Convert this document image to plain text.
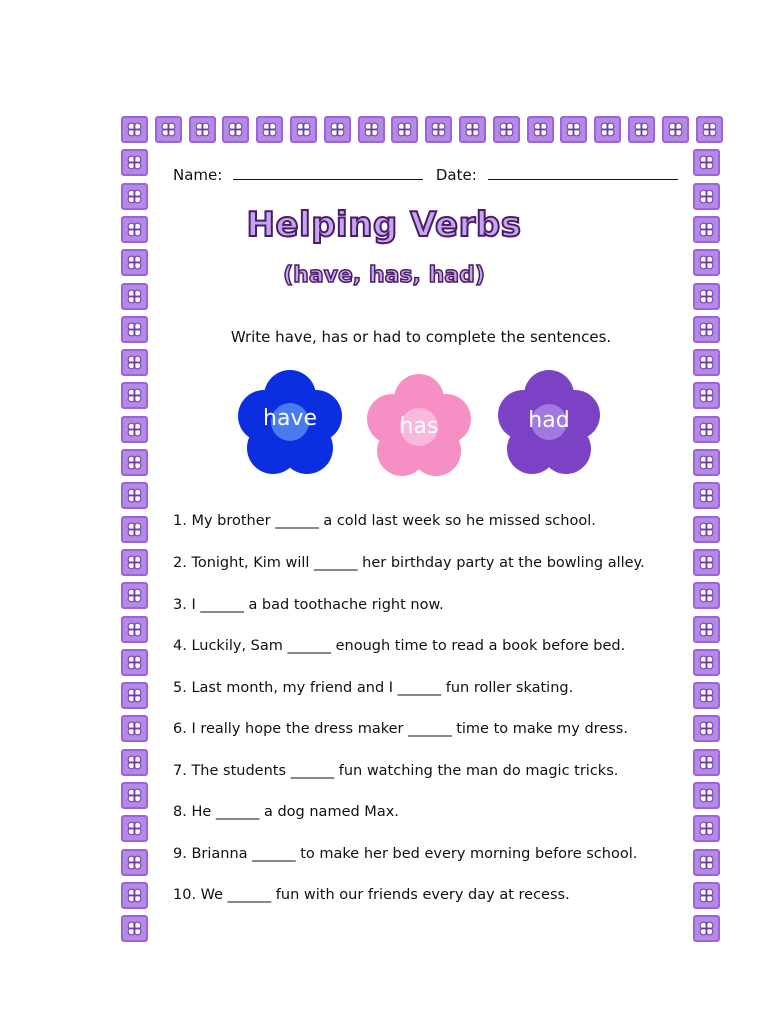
Name:	Date:
Helping Verbs
(have, has, had)
Write have, has or had to complete the sentences.
have	has	had
1. My brother ______ a cold last week so he missed school.
2. Tonight, Kim will ______ her birthday party at the bowling alley.
3. I ______ a bad toothache right now.
4. Luckily, Sam ______ enough time to read a book before bed.
5. Last month, my friend and I ______ fun roller skating.
6. I really hope the dress maker ______ time to make my dress.
7. The students ______ fun watching the man do magic tricks.
8. He ______ a dog named Max.
9. Brianna ______ to make her bed every morning before school.
10. We ______ fun with our friends every day at recess.
